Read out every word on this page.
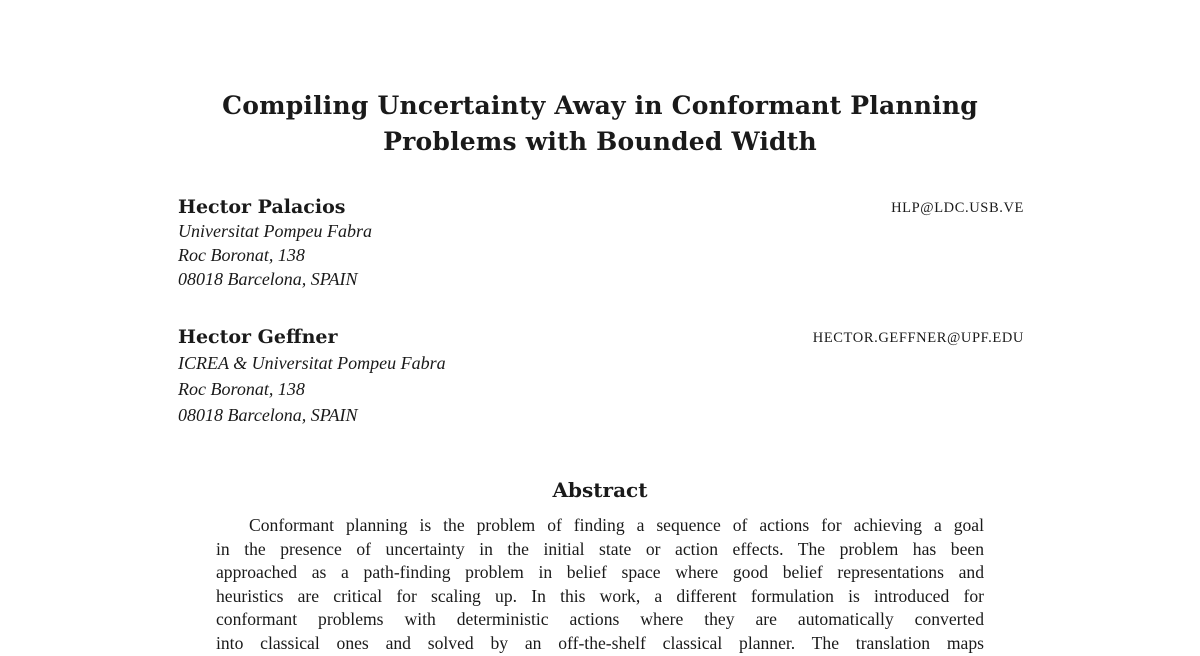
Compiling Uncertainty Away in Conformant Planning
Problems with Bounded Width
Hector Palacios	HLP@LDC.USB.VE

Universitat Pompeu Fabra

Roc Boronat, 138

08018 Barcelona, SPAIN

Hector Geffner	HECTOR.GEFFNER@UPF.EDU

ICREA & Universitat Pompeu Fabra

Roc Boronat, 138

08018 Barcelona, SPAIN

Abstract
Conformant planning is the problem of finding a sequence of actions for achieving a goal
in the presence of uncertainty in the initial state or action effects. The problem has been
approached as a path-finding problem in belief space where good belief representations and
heuristics are critical for scaling up. In this work, a different formulation is introduced for
conformant problems with deterministic actions where they are automatically converted
into classical ones and solved by an off-the-shelf classical planner. The translation maps
